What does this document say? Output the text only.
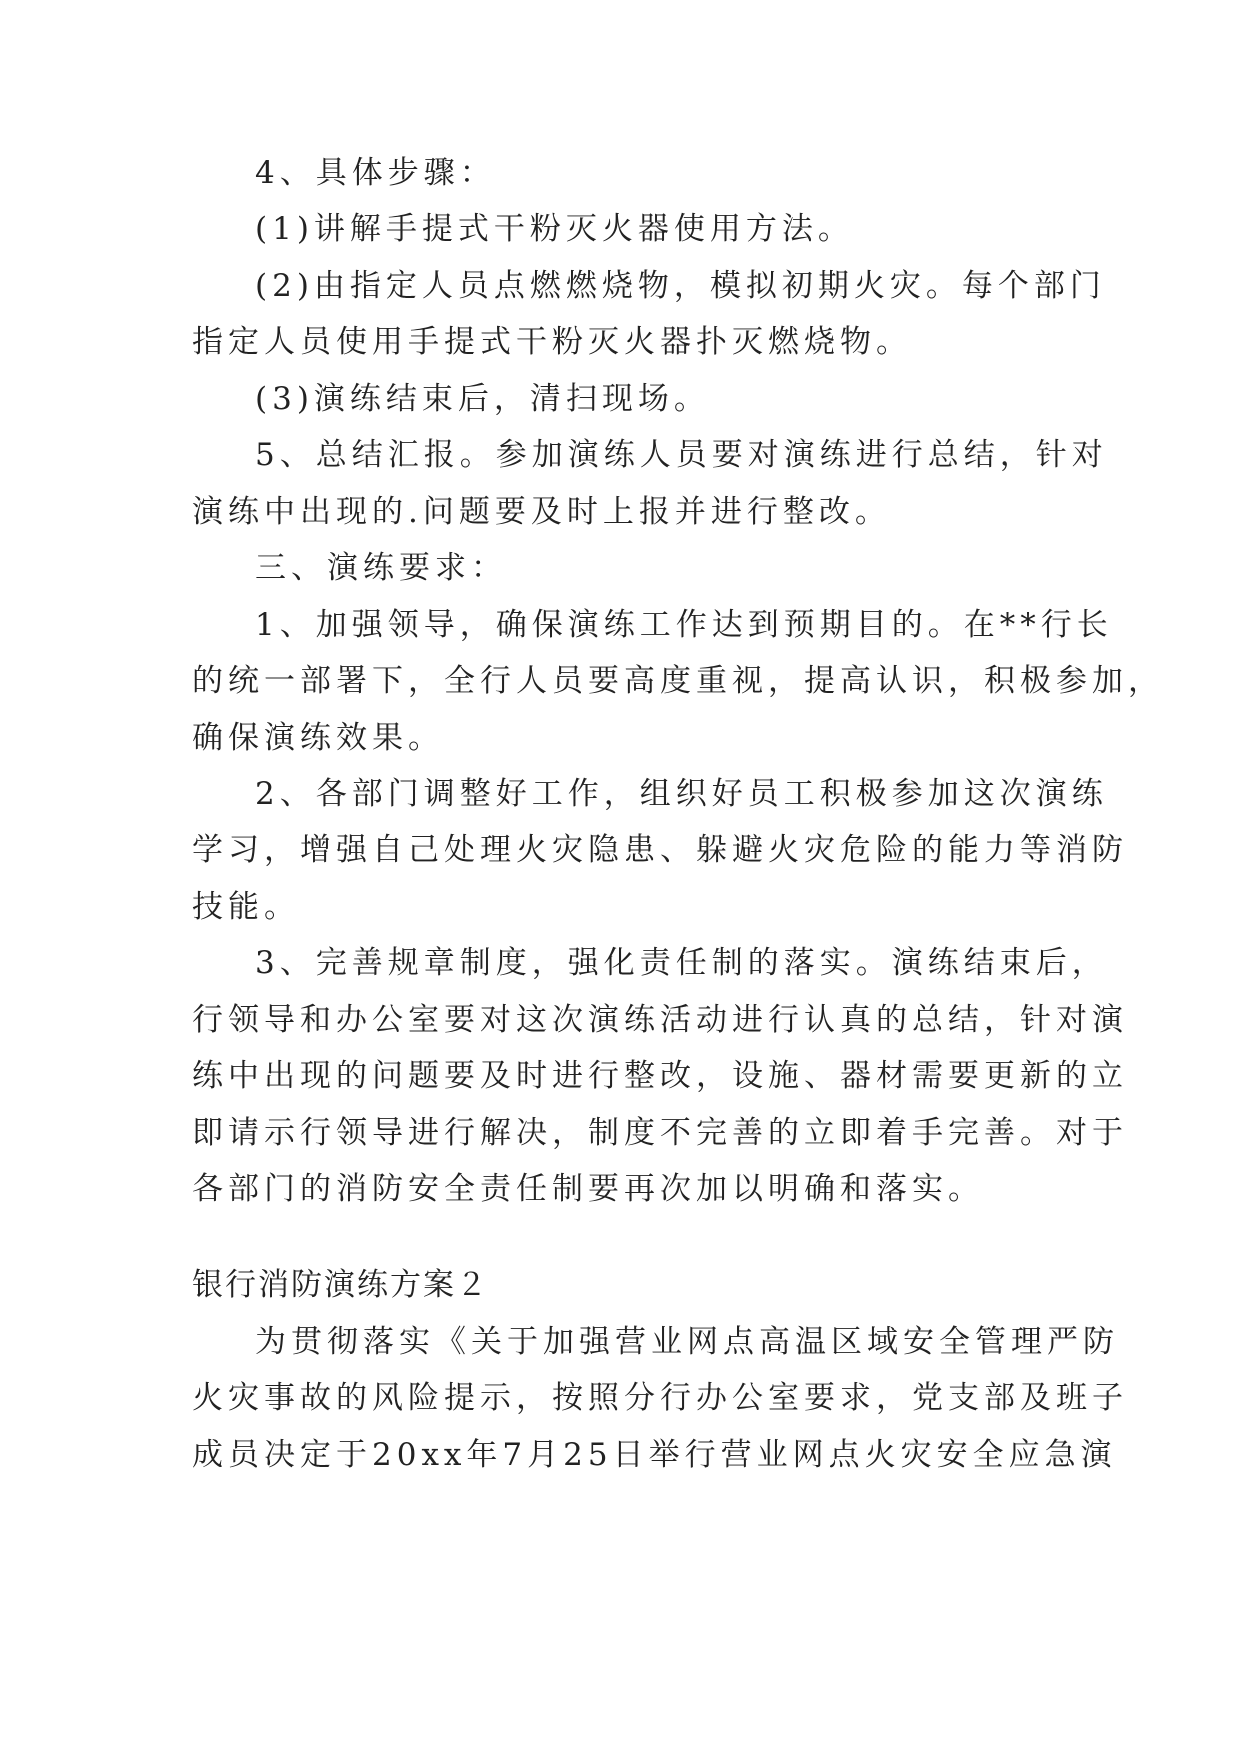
4、具体步骤：
(1)讲解手提式干粉灭火器使用方法。
(2)由指定人员点燃燃烧物，模拟初期火灾。每个部门
指定人员使用手提式干粉灭火器扑灭燃烧物。
(3)演练结束后，清扫现场。
5、总结汇报。参加演练人员要对演练进行总结，针对
演练中出现的.问题要及时上报并进行整改。
三、演练要求：
1、加强领导，确保演练工作达到预期目的。在**行长
的统一部署下，全行人员要高度重视，提高认识，积极参加，
确保演练效果。
2、各部门调整好工作，组织好员工积极参加这次演练
学习，增强自己处理火灾隐患、躲避火灾危险的能力等消防
技能。
3、完善规章制度，强化责任制的落实。演练结束后，
行领导和办公室要对这次演练活动进行认真的总结，针对演
练中出现的问题要及时进行整改，设施、器材需要更新的立
即请示行领导进行解决，制度不完善的立即着手完善。对于
各部门的消防安全责任制要再次加以明确和落实。
银行消防演练方案２
为贯彻落实《关于加强营业网点高温区域安全管理严防
火灾事故的风险提示，按照分行办公室要求，党支部及班子
成员决定于20xx年7月25日举行营业网点火灾安全应急演
